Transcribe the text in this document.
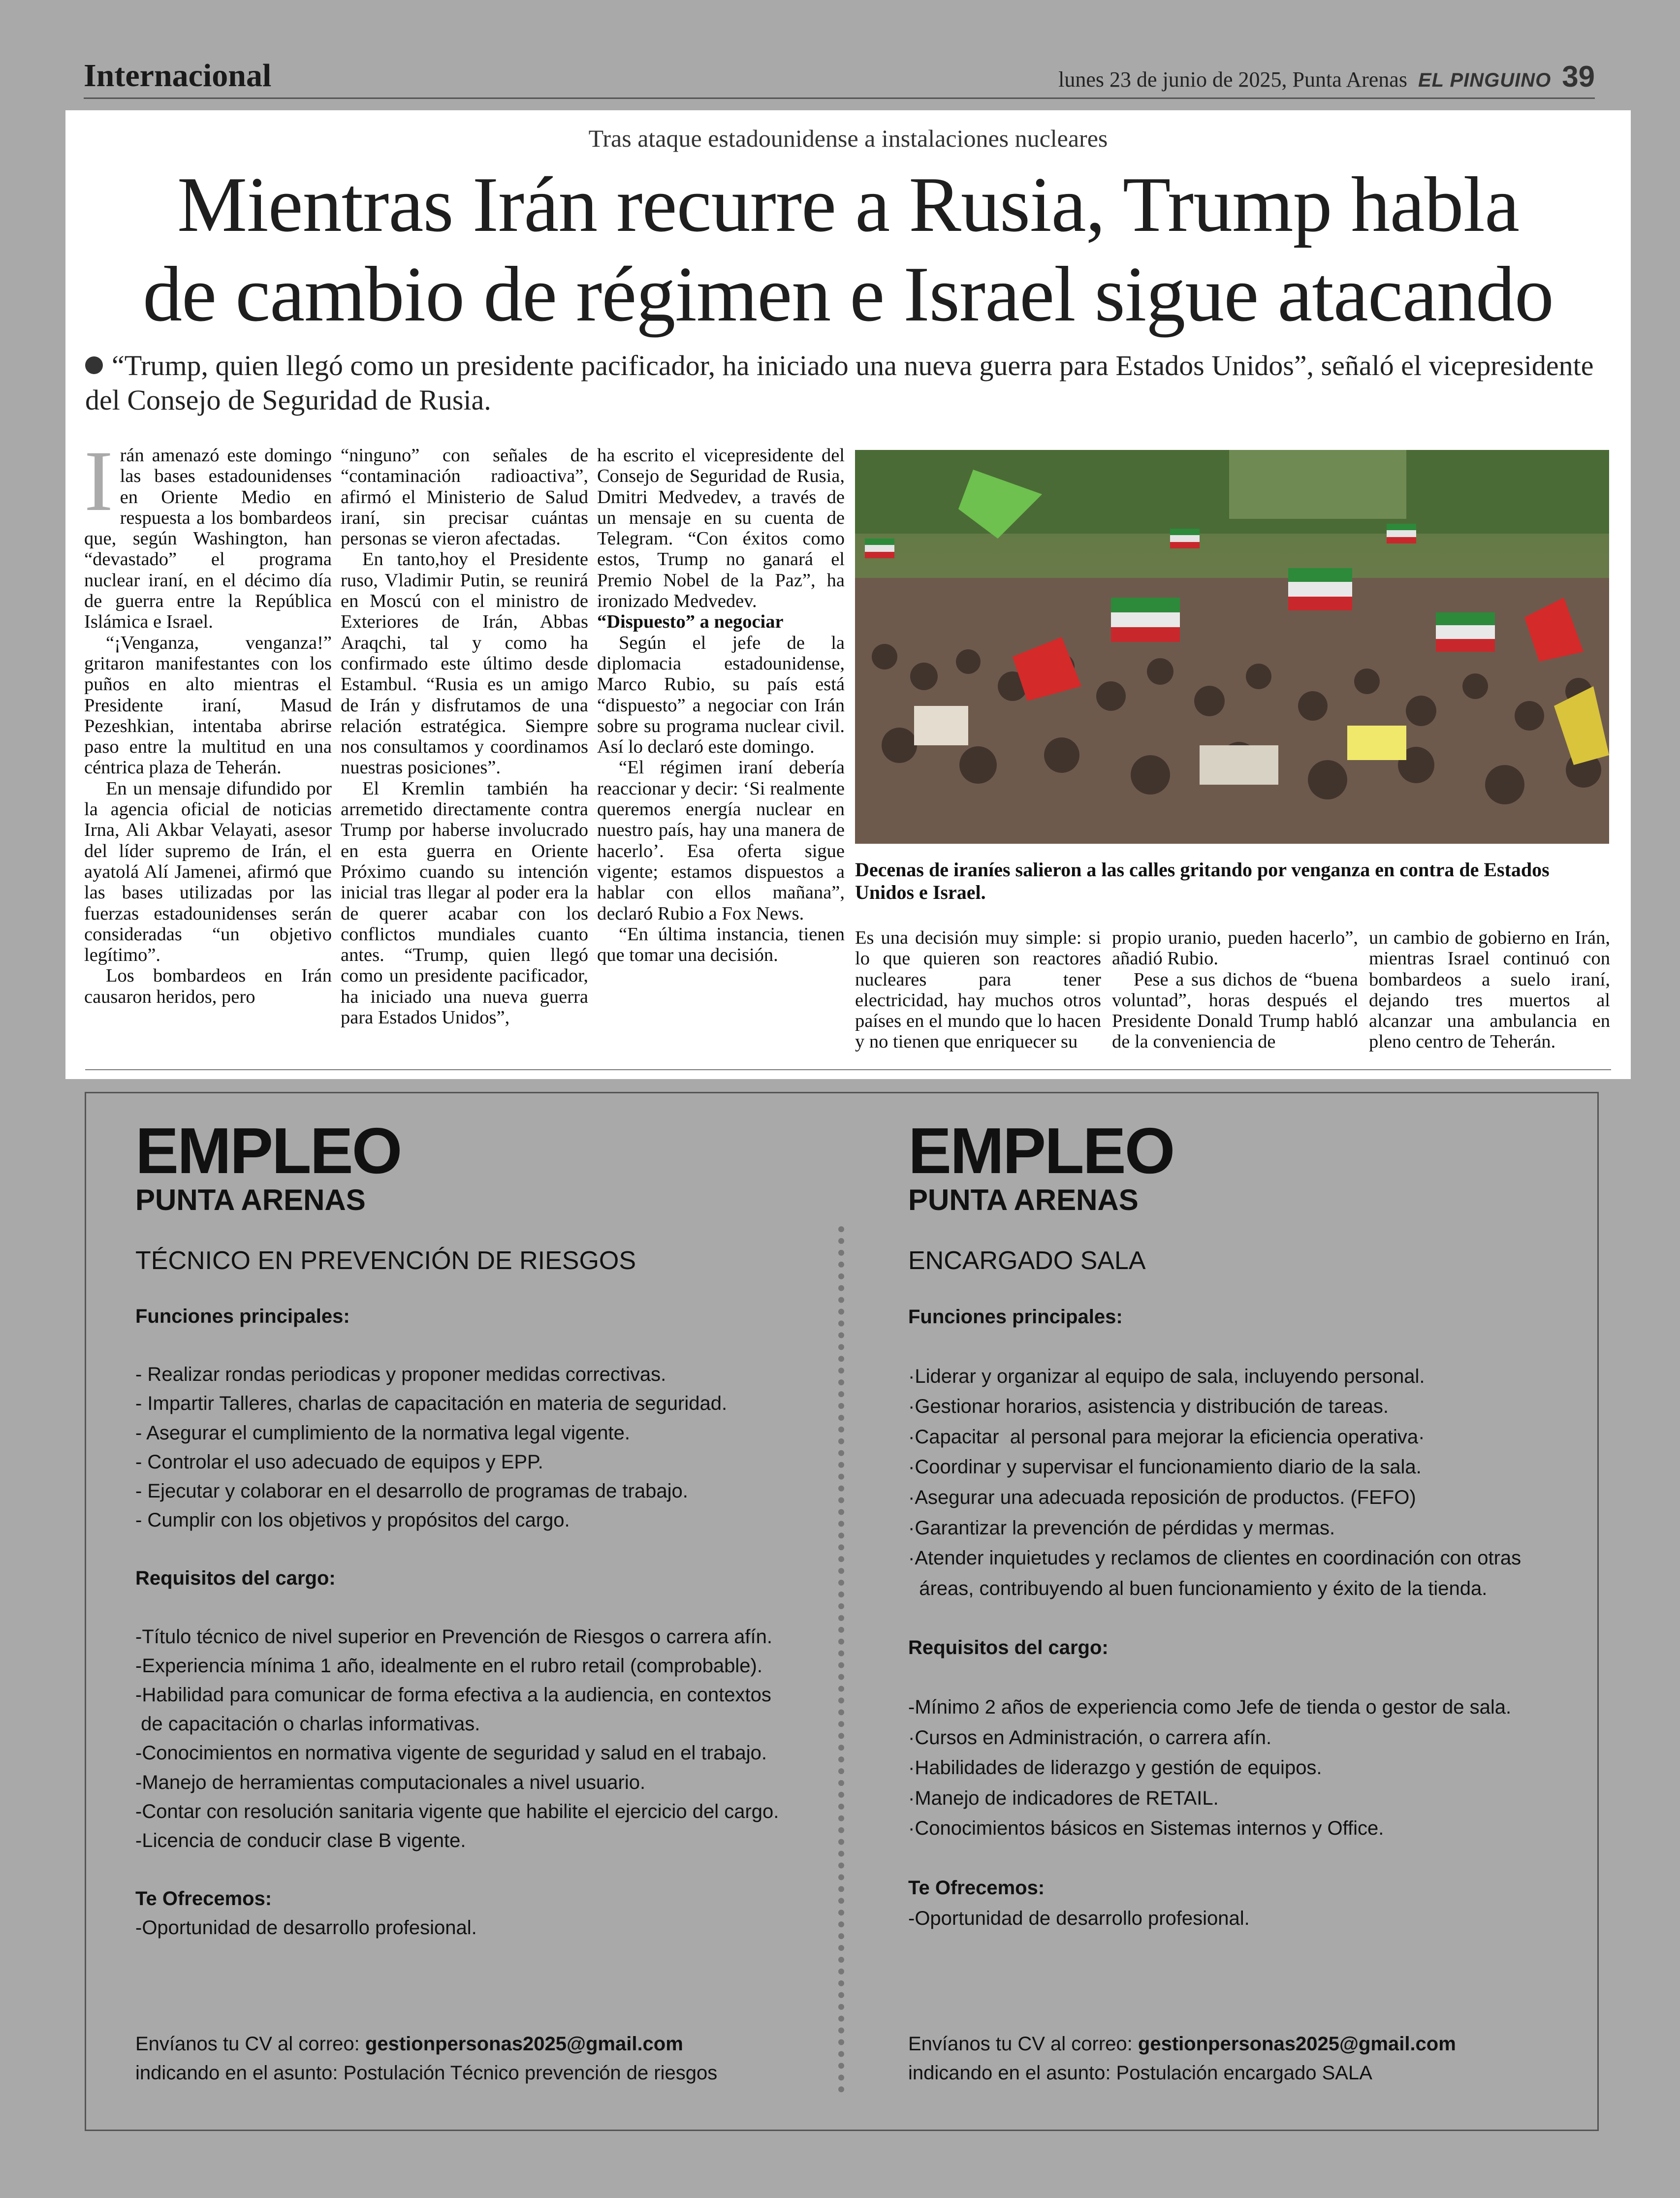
Internacional	lunes 23 de junio de 2025, Punta Arenas EL PINGUINO 39
Tras ataque estadounidense a instalaciones nucleares
Mientras Irán recurre a Rusia, Trump habla
de cambio de régimen e Israel sigue atacando
“Trump, quien llegó como un presidente pacificador, ha iniciado una nueva guerra para Estados Unidos”, señaló el vicepresidente del Consejo de Seguridad de Rusia.

Irán amenazó este domingo las bases estadounidenses en Oriente Medio en respuesta a los bombardeos que, según Washington, han “devastado” el programa nuclear iraní, en el décimo día de guerra entre la República Islámica e Israel.

“¡Venganza, venganza!” gritaron manifestantes con los puños en alto mientras el Presidente iraní, Masud Pezeshkian, intentaba abrirse paso entre la multitud en una céntrica plaza de Teherán.

En un mensaje difundido por la agencia oficial de noticias Irna, Ali Akbar Velayati, asesor del líder supremo de Irán, el ayatolá Alí Jamenei, afirmó que las bases utilizadas por las fuerzas estadounidenses serán consideradas “un objetivo legítimo”.

Los bombardeos en Irán causaron heridos, pero

“ninguno” con señales de “contaminación radioactiva”, afirmó el Ministerio de Salud iraní, sin precisar cuántas personas se vieron afectadas.

En tanto,hoy el Presidente ruso, Vladimir Putin, se reunirá en Moscú con el ministro de Exteriores de Irán, Abbas Araqchi, tal y como ha confirmado este último desde Estambul. “Rusia es un amigo de Irán y disfrutamos de una relación estratégica. Siempre nos consultamos y coordinamos nuestras posiciones”.

El Kremlin también ha arremetido directamente contra Trump por haberse involucrado en esta guerra en Oriente Próximo cuando su intención inicial tras llegar al poder era la de querer acabar con los conflictos mundiales cuanto antes. “Trump, quien llegó como un presidente pacificador, ha iniciado una nueva guerra para Estados Unidos”,

ha escrito el vicepresidente del Consejo de Seguridad de Rusia, Dmitri Medvedev, a través de un mensaje en su cuenta de Telegram. “Con éxitos como estos, Trump no ganará el Premio Nobel de la Paz”, ha ironizado Medvedev.

“Dispuesto” a negociar

Según el jefe de la diplomacia estadounidense, Marco Rubio, su país está “dispuesto” a negociar con Irán sobre su programa nuclear civil. Así lo declaró este domingo.

“El régimen iraní debería reaccionar y decir: ‘Si realmente queremos energía nuclear en nuestro país, hay una manera de hacerlo’. Esa oferta sigue vigente; estamos dispuestos a hablar con ellos mañana”, declaró Rubio a Fox News.

“En última instancia, tienen que tomar una decisión.

Decenas de iraníes salieron a las calles gritando por venganza en contra de Estados Unidos e Israel.

Es una decisión muy simple: si lo que quieren son reactores nucleares para tener electricidad, hay muchos otros países en el mundo que lo hacen y no tienen que enriquecer su

propio uranio, pueden hacerlo”, añadió Rubio.

Pese a sus dichos de “buena voluntad”, horas después el Presidente Donald Trump habló de la conveniencia de

un cambio de gobierno en Irán, mientras Israel continuó con bombardeos a suelo iraní, dejando tres muertos al alcanzar una ambulancia en pleno centro de Teherán.

EMPLEO
PUNTA ARENAS
TÉCNICO EN PREVENCIÓN DE RIESGOS
Funciones principales:
- Realizar rondas periodicas y proponer medidas correctivas.
- Impartir Talleres, charlas de capacitación en materia de seguridad.
- Asegurar el cumplimiento de la normativa legal vigente.
- Controlar el uso adecuado de equipos y EPP.
- Ejecutar y colaborar en el desarrollo de programas de trabajo.
- Cumplir con los objetivos y propósitos del cargo.
Requisitos del cargo:
-Título técnico de nivel superior en Prevención de Riesgos o carrera afín.
-Experiencia mínima 1 año, idealmente en el rubro retail (comprobable).
-Habilidad para comunicar de forma efectiva a la audiencia, en contextos
de capacitación o charlas informativas.
-Conocimientos en normativa vigente de seguridad y salud en el trabajo.
-Manejo de herramientas computacionales a nivel usuario.
-Contar con resolución sanitaria vigente que habilite el ejercicio del cargo.
-Licencia de conducir clase B vigente.
Te Ofrecemos:
-Oportunidad de desarrollo profesional.
Envíanos tu CV al correo: gestionpersonas2025@gmail.com
indicando en el asunto: Postulación Técnico prevención de riesgos
EMPLEO
PUNTA ARENAS
ENCARGADO SALA
Funciones principales:
·Liderar y organizar al equipo de sala, incluyendo personal.
·Gestionar horarios, asistencia y distribución de tareas.
·Capacitar  al personal para mejorar la eficiencia operativa·
·Coordinar y supervisar el funcionamiento diario de la sala.
·Asegurar una adecuada reposición de productos. (FEFO)
·Garantizar la prevención de pérdidas y mermas.
·Atender inquietudes y reclamos de clientes en coordinación con otras
áreas, contribuyendo al buen funcionamiento y éxito de la tienda.
Requisitos del cargo:
-Mínimo 2 años de experiencia como Jefe de tienda o gestor de sala.
·Cursos en Administración, o carrera afín.
·Habilidades de liderazgo y gestión de equipos.
·Manejo de indicadores de RETAIL.
·Conocimientos básicos en Sistemas internos y Office.
Te Ofrecemos:
-Oportunidad de desarrollo profesional.
Envíanos tu CV al correo: gestionpersonas2025@gmail.com
indicando en el asunto: Postulación encargado SALA
